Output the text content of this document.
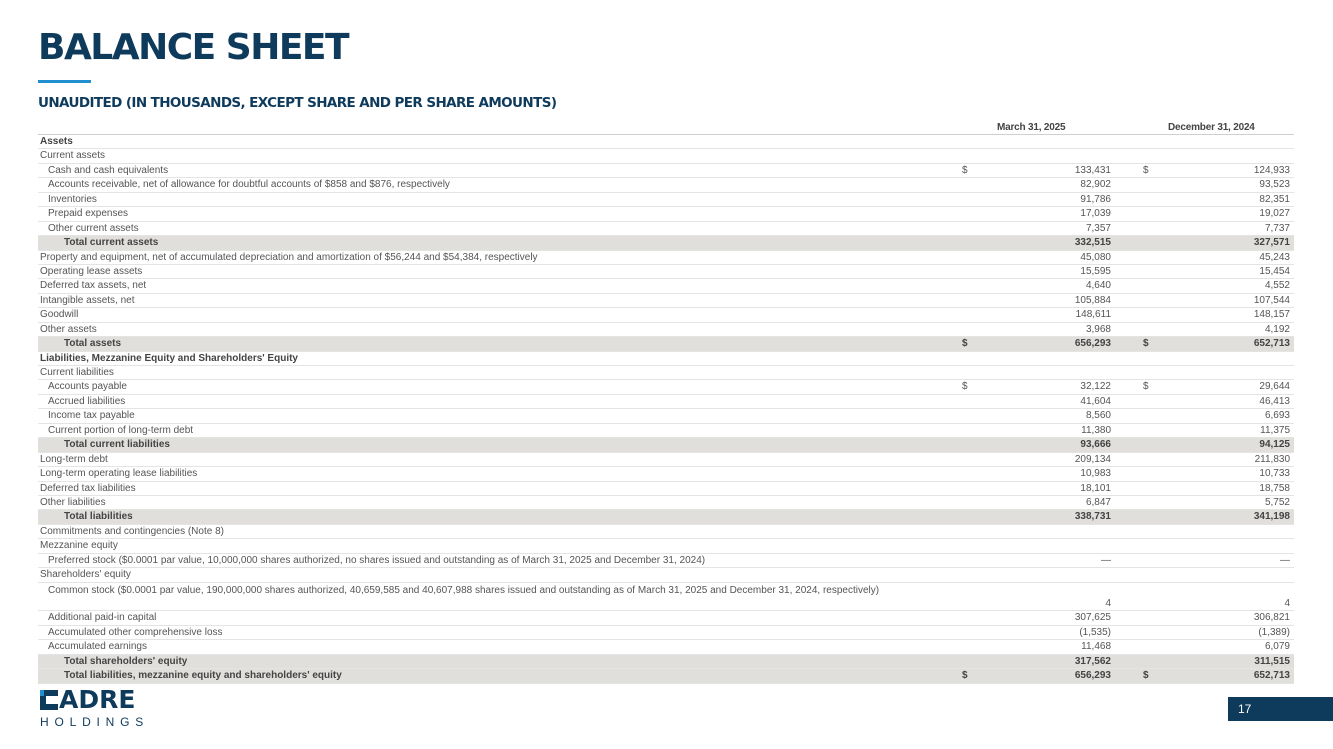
BALANCE SHEET
UNAUDITED (IN THOUSANDS, EXCEPT SHARE AND PER SHARE AMOUNTS)
March 31, 2025	December 31, 2024
Assets
Current assets
Cash and cash equivalents	$	133,431	$	124,933
Accounts receivable, net of allowance for doubtful accounts of $858 and $876, respectively	82,902	93,523
Inventories	91,786	82,351
Prepaid expenses	17,039	19,027
Other current assets	7,357	7,737
Total current assets	332,515	327,571
Property and equipment, net of accumulated depreciation and amortization of $56,244 and $54,384, respectively	45,080	45,243
Operating lease assets	15,595	15,454
Deferred tax assets, net	4,640	4,552
Intangible assets, net	105,884	107,544
Goodwill	148,611	148,157
Other assets	3,968	4,192
Total assets	$	656,293	$	652,713
Liabilities, Mezzanine Equity and Shareholders' Equity
Current liabilities
Accounts payable	$	32,122	$	29,644
Accrued liabilities	41,604	46,413
Income tax payable	8,560	6,693
Current portion of long-term debt	11,380	11,375
Total current liabilities	93,666	94,125
Long-term debt	209,134	211,830
Long-term operating lease liabilities	10,983	10,733
Deferred tax liabilities	18,101	18,758
Other liabilities	6,847	5,752
Total liabilities	338,731	341,198
Commitments and contingencies (Note 8)
Mezzanine equity
Preferred stock ($0.0001 par value, 10,000,000 shares authorized, no shares issued and outstanding as of March 31, 2025 and December 31, 2024)	—	—
Shareholders' equity
Common stock ($0.0001 par value, 190,000,000 shares authorized, 40,659,585 and 40,607,988 shares issued and outstanding as of March 31, 2025 and December 31, 2024, respectively)
4	4
Additional paid-in capital	307,625	306,821
Accumulated other comprehensive loss	(1,535)	(1,389)
Accumulated earnings	11,468	6,079
Total shareholders' equity	317,562	311,515
Total liabilities, mezzanine equity and shareholders' equity	$	656,293	$	652,713
ADRE
HOLDINGS
17
